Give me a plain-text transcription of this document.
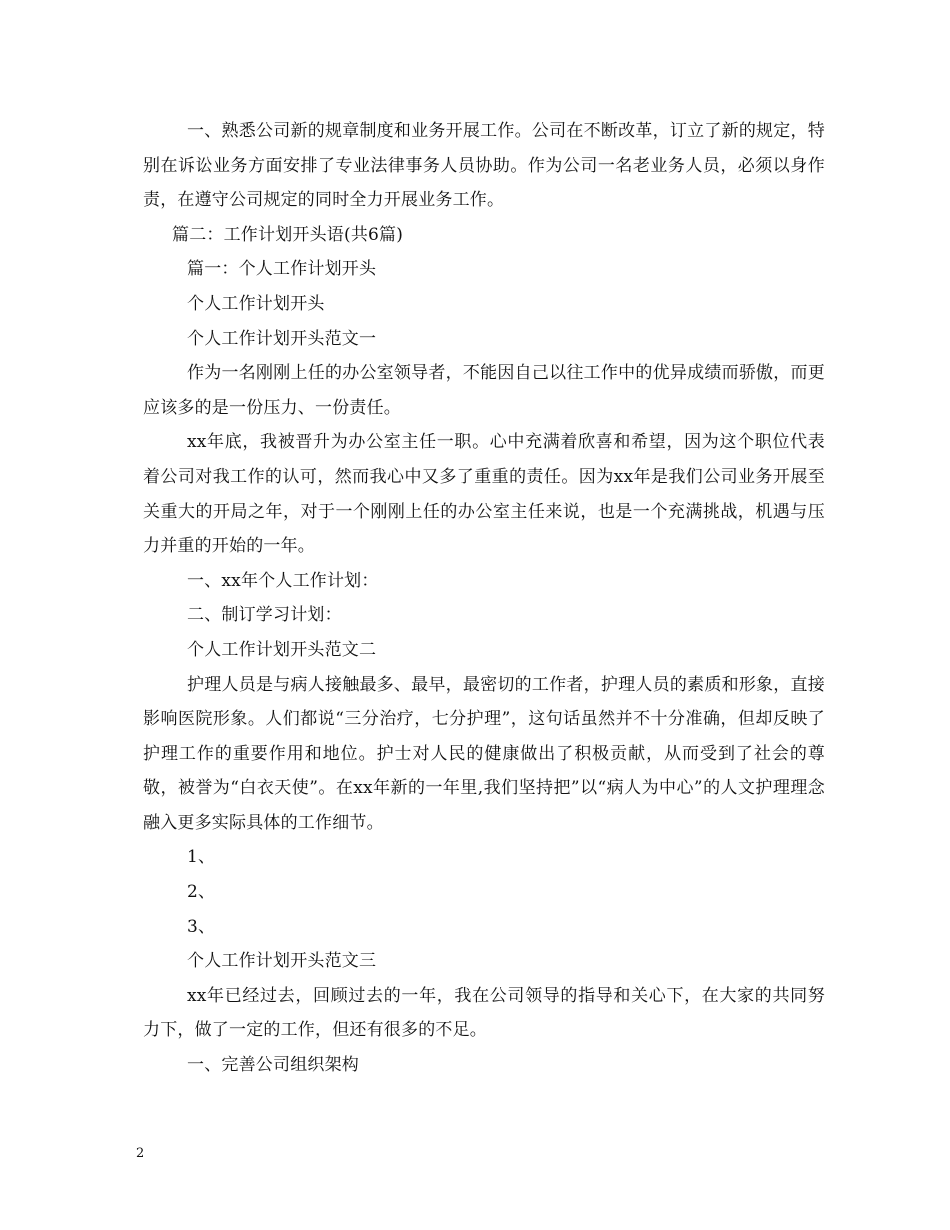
一、熟悉公司新的规章制度和业务开展工作。公司在不断改革，订立了新的规定，特别在诉讼业务方面安排了专业法律事务人员协助。作为公司一名老业务人员，必须以身作责，在遵守公司规定的同时全力开展业务工作。

篇二：工作计划开头语(共6篇)

篇一：个人工作计划开头

个人工作计划开头

个人工作计划开头范文一

作为一名刚刚上任的办公室领导者，不能因自己以往工作中的优异成绩而骄傲，而更应该多的是一份压力、一份责任。

xx年底，我被晋升为办公室主任一职。心中充满着欣喜和希望，因为这个职位代表着公司对我工作的认可，然而我心中又多了重重的责任。因为xx年是我们公司业务开展至关重大的开局之年，对于一个刚刚上任的办公室主任来说，也是一个充满挑战，机遇与压力并重的开始的一年。

一、xx年个人工作计划：

二、制订学习计划：

个人工作计划开头范文二

护理人员是与病人接触最多、最早，最密切的工作者，护理人员的素质和形象，直接影响医院形象。人们都说“三分治疗，七分护理”，这句话虽然并不十分准确，但却反映了护理工作的重要作用和地位。护士对人民的健康做出了积极贡献，从而受到了社会的尊敬，被誉为“白衣天使”。在xx年新的一年里,我们坚持把”以“病人为中心”的人文护理理念融入更多实际具体的工作细节。

1、

2、

3、

个人工作计划开头范文三

xx年已经过去，回顾过去的一年，我在公司领导的指导和关心下，在大家的共同努力下，做了一定的工作，但还有很多的不足。

一、完善公司组织架构

2
